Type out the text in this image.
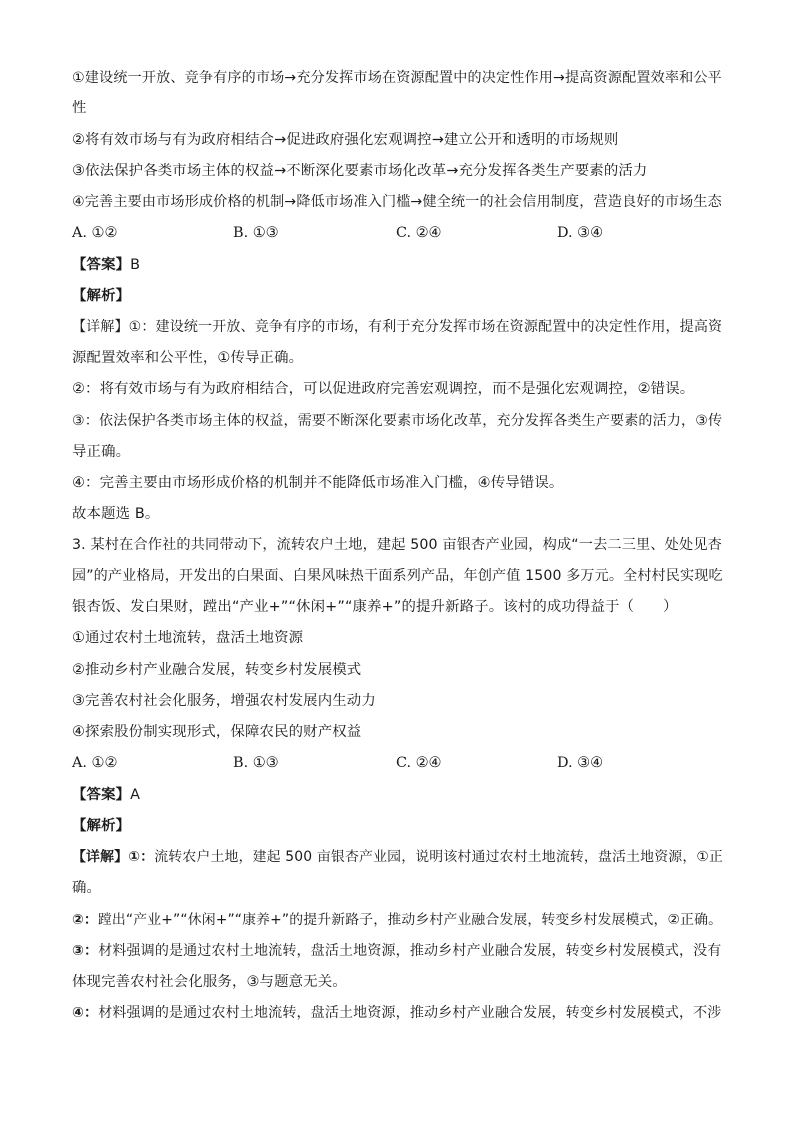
①建设统一开放、竞争有序的市场→充分发挥市场在资源配置中的决定性作用→提高资源配置效率和公平
性
②将有效市场与有为政府相结合→促进政府强化宏观调控→建立公开和透明的市场规则
③依法保护各类市场主体的权益→不断深化要素市场化改革→充分发挥各类生产要素的活力
④完善主要由市场形成价格的机制→降低市场准入门槛→健全统一的社会信用制度，营造良好的市场生态
A. ①②	B. ①③	C. ②④	D. ③④
【答案】B
【解析】
【详解】①：建设统一开放、竞争有序的市场，有利于充分发挥市场在资源配置中的决定性作用，提高资
源配置效率和公平性，①传导正确。
②：将有效市场与有为政府相结合，可以促进政府完善宏观调控，而不是强化宏观调控，②错误。
③：依法保护各类市场主体的权益，需要不断深化要素市场化改革，充分发挥各类生产要素的活力，③传
导正确。
④：完善主要由市场形成价格的机制并不能降低市场准入门槛，④传导错误。
故本题选 B。
3. 某村在合作社的共同带动下，流转农户土地，建起 500 亩银杏产业园，构成“一去二三里、处处见杏
园”的产业格局，开发出的白果面、白果风味热干面系列产品，年创产值 1500 多万元。全村村民实现吃
银杏饭、发白果财，蹚出“产业+”“休闲+”“康养+”的提升新路子。该村的成功得益于（　　）
①通过农村土地流转，盘活土地资源
②推动乡村产业融合发展，转变乡村发展模式
③完善农村社会化服务，增强农村发展内生动力
④探索股份制实现形式，保障农民的财产权益
A. ①②	B. ①③	C. ②④	D. ③④
【答案】A
【解析】
【详解】①：流转农户土地，建起 500 亩银杏产业园，说明该村通过农村土地流转，盘活土地资源，①正
确。
②：蹚出“产业+”“休闲+”“康养+”的提升新路子，推动乡村产业融合发展，转变乡村发展模式，②正确。
③：材料强调的是通过农村土地流转，盘活土地资源，推动乡村产业融合发展，转变乡村发展模式，没有
体现完善农村社会化服务，③与题意无关。
④：材料强调的是通过农村土地流转，盘活土地资源，推动乡村产业融合发展，转变乡村发展模式，不涉
